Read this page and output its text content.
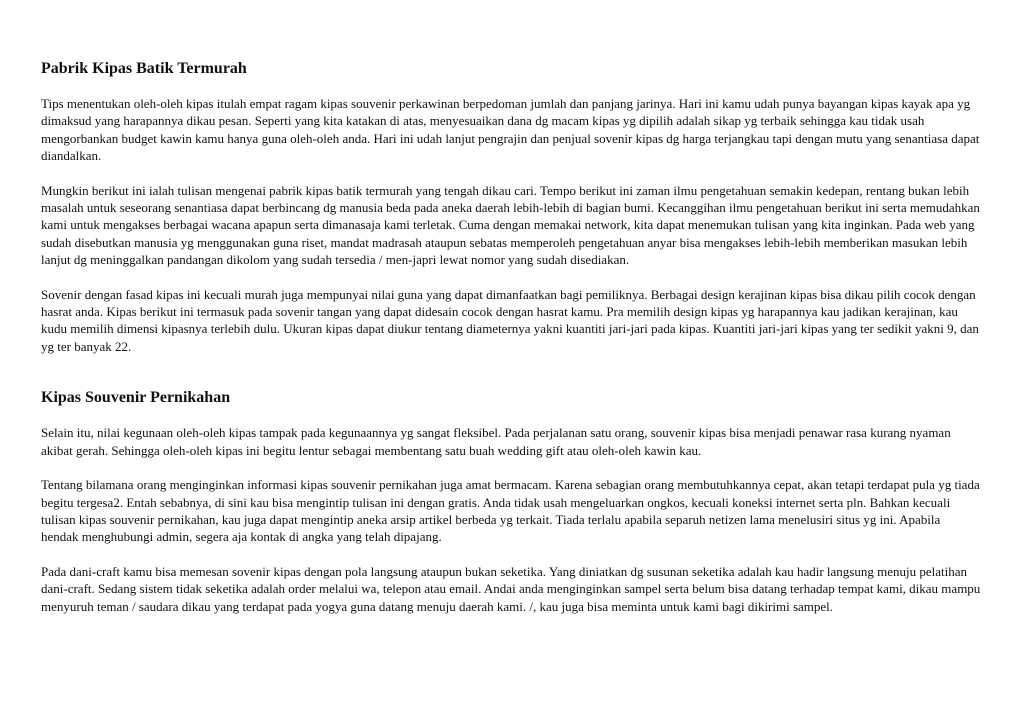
Pabrik Kipas Batik Termurah

Tips menentukan oleh-oleh kipas itulah empat ragam kipas souvenir perkawinan berpedoman jumlah dan panjang jarinya. Hari ini kamu udah punya bayangan kipas kayak apa yg dimaksud yang harapannya dikau pesan. Seperti yang kita katakan di atas, menyesuaikan dana dg macam kipas yg dipilih adalah sikap yg terbaik sehingga kau tidak usah mengorbankan budget kawin kamu hanya guna oleh-oleh anda. Hari ini udah lanjut pengrajin dan penjual sovenir kipas dg harga terjangkau tapi dengan mutu yang senantiasa dapat diandalkan.

Mungkin berikut ini ialah tulisan mengenai pabrik kipas batik termurah yang tengah dikau cari. Tempo berikut ini zaman ilmu pengetahuan semakin kedepan, rentang bukan lebih masalah untuk seseorang senantiasa dapat berbincang dg manusia beda pada aneka daerah lebih-lebih di bagian bumi. Kecanggihan ilmu pengetahuan berikut ini serta memudahkan kami untuk mengakses berbagai wacana apapun serta dimanasaja kami terletak. Cuma dengan memakai network, kita dapat menemukan tulisan yang kita inginkan. Pada web yang sudah disebutkan manusia yg menggunakan guna riset, mandat madrasah ataupun sebatas memperoleh pengetahuan anyar bisa mengakses lebih-lebih memberikan masukan lebih lanjut dg meninggalkan pandangan dikolom yang sudah tersedia / men-japri lewat nomor yang sudah disediakan.

Sovenir dengan fasad kipas ini kecuali murah juga mempunyai nilai guna yang dapat dimanfaatkan bagi pemiliknya. Berbagai design kerajinan kipas bisa dikau pilih cocok dengan hasrat anda. Kipas berikut ini termasuk pada sovenir tangan yang dapat didesain cocok dengan hasrat kamu. Pra memilih design kipas yg harapannya kau jadikan kerajinan, kau kudu memilih dimensi kipasnya terlebih dulu. Ukuran kipas dapat diukur tentang diameternya yakni kuantiti jari-jari pada kipas. Kuantiti jari-jari kipas yang ter sedikit yakni 9, dan yg ter banyak 22.

Kipas Souvenir Pernikahan

Selain itu, nilai kegunaan oleh-oleh kipas tampak pada kegunaannya yg sangat fleksibel. Pada perjalanan satu orang, souvenir kipas bisa menjadi penawar rasa kurang nyaman akibat gerah. Sehingga oleh-oleh kipas ini begitu lentur sebagai membentang satu buah wedding gift atau oleh-oleh kawin kau.

Tentang bilamana orang menginginkan informasi kipas souvenir pernikahan juga amat bermacam. Karena sebagian orang membutuhkannya cepat, akan tetapi terdapat pula yg tiada begitu tergesa2. Entah sebabnya, di sini kau bisa mengintip tulisan ini dengan gratis. Anda tidak usah mengeluarkan ongkos, kecuali koneksi internet serta pln. Bahkan kecuali tulisan kipas souvenir pernikahan, kau juga dapat mengintip aneka arsip artikel berbeda yg terkait. Tiada terlalu apabila separuh netizen lama menelusiri situs yg ini. Apabila hendak menghubungi admin, segera aja kontak di angka yang telah dipajang.

Pada dani-craft kamu bisa memesan sovenir kipas dengan pola langsung ataupun bukan seketika. Yang diniatkan dg susunan seketika adalah kau hadir langsung menuju pelatihan dani-craft. Sedang sistem tidak seketika adalah order melalui wa, telepon atau email. Andai anda menginginkan sampel serta belum bisa datang terhadap tempat kami, dikau mampu menyuruh teman / saudara dikau yang terdapat pada yogya guna datang menuju daerah kami. /, kau juga bisa meminta untuk kami bagi dikirimi sampel.
